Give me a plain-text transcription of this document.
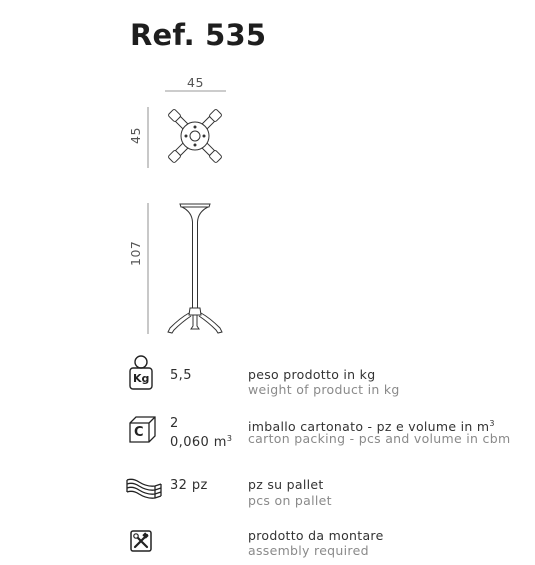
Ref. 535
45
45
107
Kg 5,5	peso prodotto in kg
weight of product in kg
C
2
0,060 $m^3$
imballo cartonato - pz e volume in $m^3$
carton packing - pcs and volume in cbm
32 pz	pz su pallet
pcs on pallet
prodotto da montare
assembly required
